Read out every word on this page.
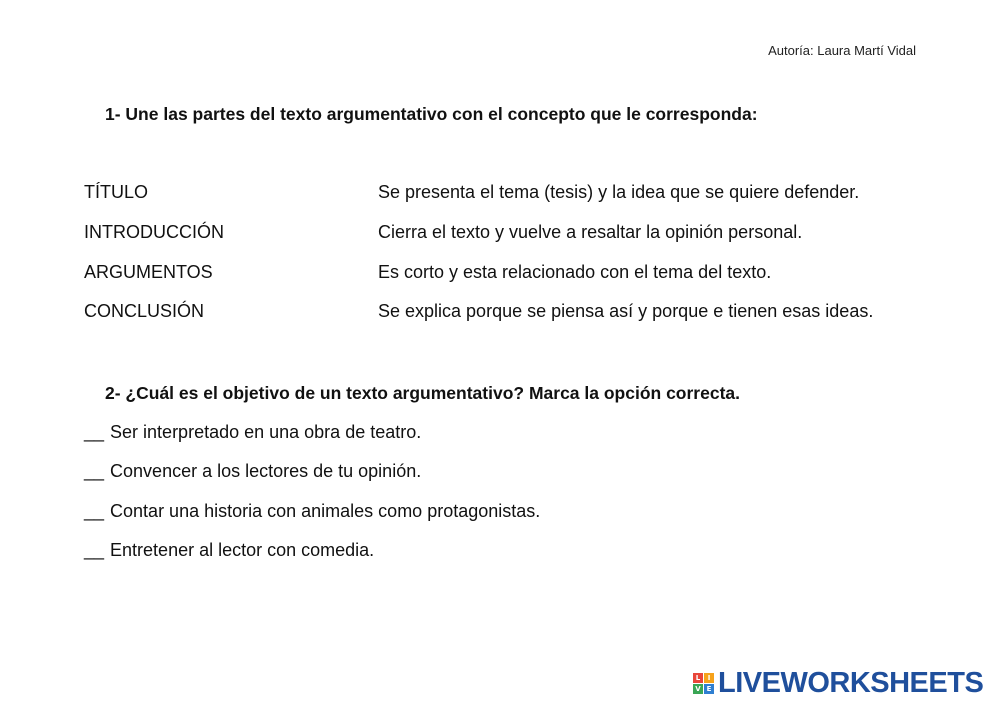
Autoría: Laura Martí Vidal
1- Une las partes del texto argumentativo con el concepto que le corresponda:
TÍTULO	Se presenta el tema (tesis) y la idea que se quiere defender.
INTRODUCCIÓN	Cierra el texto y vuelve a resaltar la opinión personal.
ARGUMENTOS	Es corto y esta relacionado con el tema del texto.
CONCLUSIÓN	Se explica porque se piensa así y porque e tienen esas ideas.
2- ¿Cuál es el objetivo de un texto argumentativo? Marca la opción correcta.
__ Ser interpretado en una obra de teatro.
__ Convencer a los lectores de tu opinión.
__ Contar una historia con animales como protagonistas.
__ Entretener al lector con comedia.
L	I
V E LIVEWORKSHEETS
